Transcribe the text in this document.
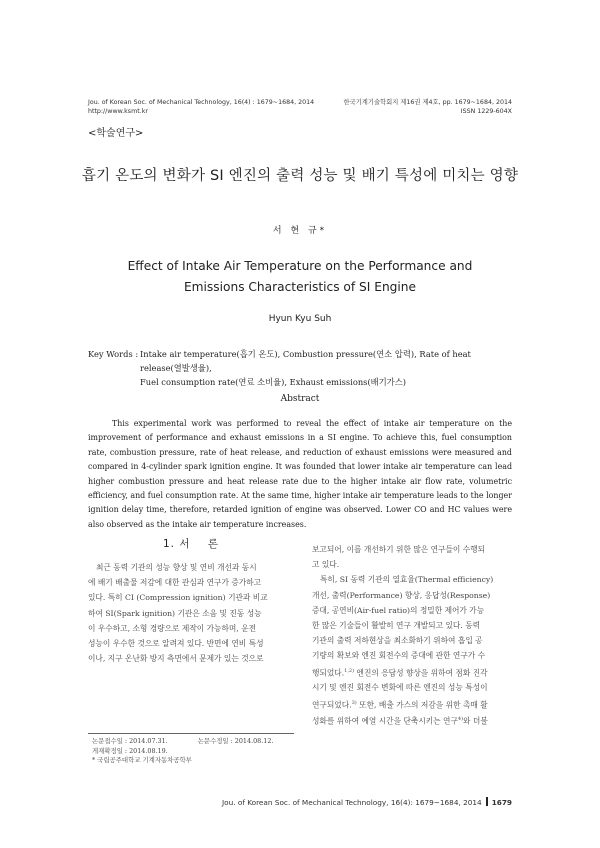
Jou. of Korean Soc. of Mechanical Technology, 16(4) : 1679~1684, 2014
http://www.ksmt.kr
한국기계기술학회지 제16권 제4호, pp. 1679~1684, 2014
ISSN 1229-604X
<학술연구>
흡기 온도의 변화가 SI 엔진의 출력 성능 및 배기 특성에 미치는 영향
서 현 규*
Effect of Intake Air Temperature on the Performance and
Emissions Characteristics of SI Engine
Hyun Kyu Suh
Key Words : Intake air temperature(흡기 온도), Combustion pressure(연소 압력), Rate of heat release(열발생율),
Fuel consumption rate(연료 소비율), Exhaust emissions(배기가스)
Abstract
This experimental work was performed to reveal the effect of intake air temperature on the
improvement of performance and exhaust emissions in a SI engine. To achieve this, fuel consumption
rate, combustion pressure, rate of heat release, and reduction of exhaust emissions were measured and
compared in 4-cylinder spark ignition engine. It was founded that lower intake air temperature can lead
higher combustion pressure and heat release rate due to the higher intake air flow rate, volumetric
efficiency, and fuel consumption rate. At the same time, higher intake air temperature leads to the longer
ignition delay time, therefore, retarded ignition of engine was observed. Lower CO and HC values were
also observed as the intake air temperature increases.
1. 서    론
최근 동력 기관의 성능 향상 및 연비 개선과 동시
에 배기 배출물 저감에 대한 관심과 연구가 증가하고
있다. 특히 CI (Compression ignition) 기관과 비교
하여 SI(Spark ignition) 기관은 소음 및 진동 성능
이 우수하고, 소형 경량으로 제작이 가능하며, 운전
성능이 우수한 것으로 알려져 있다. 반면에 연비 특성
이나, 지구 온난화 방지 측면에서 문제가 있는 것으로
보고되어, 이를 개선하기 위한 많은 연구들이 수행되
고 있다.
특히, SI 동력 기관의 열효율(Thermal efficiency)
개선, 출력(Performance) 향상, 응답성(Response)
증대, 공연비(Air-fuel ratio)의 정밀한 제어가 가능
한 많은 기술들이 활발히 연구 개발되고 있다. 동력
기관의 출력 저하현상을 최소화하기 위하여 흡입 공
기량의 확보와 엔진 회전수의 증대에 관한 연구가 수
행되었다.$^{1,2)}$ 엔진의 응답성 향상을 위하여 점화 진각
시기 및 엔진 회전수 변화에 따른 엔진의 성능 특성이
연구되었다.$^{3)}$ 또한, 배출 가스의 저감을 위한 촉매 활
성화를 위하여 예열 시간을 단축시키는 연구$^{4)}$와 더불
논문접수일 : 2014.07.31.	논문수정일 : 2014.08.12.
게재확정일 : 2014.08.19.
* 국립공주대학교 기계자동차공학부
Jou. of Korean Soc. of Mechanical Technology, 16(4): 1679~1684, 2014 1679
